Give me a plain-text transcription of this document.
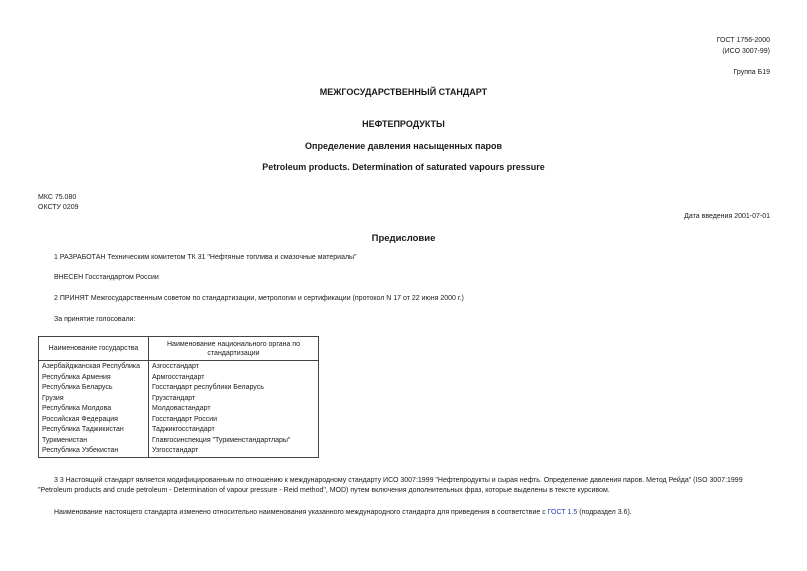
ГОСТ 1756-2000
(ИСО 3007-99)
Группа Б19
МЕЖГОСУДАРСТВЕННЫЙ СТАНДАРТ
НЕФТЕПРОДУКТЫ
Определение давления насыщенных паров
Petroleum products. Determination of saturated vapours pressure
МКС 75.080
ОКСТУ 0209
Дата введения 2001-07-01
Предисловие
1 РАЗРАБОТАН Техническим комитетом ТК 31 "Нефтяные топлива и смазочные материалы"
ВНЕСЕН Госстандартом России
2 ПРИНЯТ Межгосударственным советом по стандартизации, метрологии и сертификации (протокол N 17 от 22 июня 2000 г.)
За принятие голосовали:
Наименование государства	Наименование национального органа по
стандартизации
Азербайджанская Республика	Азгосстандарт
Республика Армения	Армгосстандарт
Республика Беларусь	Госстандарт республики Беларусь
Грузия	Грузстандарт
Республика Молдова	Молдовастандарт
Российская Федерация	Госстандарт России
Республика Таджикистан	Таджикгосстандарт
Туркменистан	Главгосинспекция "Туркменстандартлары"
Республика Узбекистан	Узгосстандарт
3 3 Настоящий стандарт является модифицированным по отношению к международному стандарту ИСО 3007:1999 "Нефтепродукты и сырая нефть. Определение давления паров. Метод Рейда" (ISO 3007:1999
"Petroleum products and crude petroleum - Determination of vapour pressure - Reid method", MOD) путем включения дополнительных фраз, которые выделены в тексте курсивом.
Наименование настоящего стандарта изменено относительно наименования указанного международного стандарта для приведения в соответствие с ГОСТ 1.5 (подраздел 3.6).
